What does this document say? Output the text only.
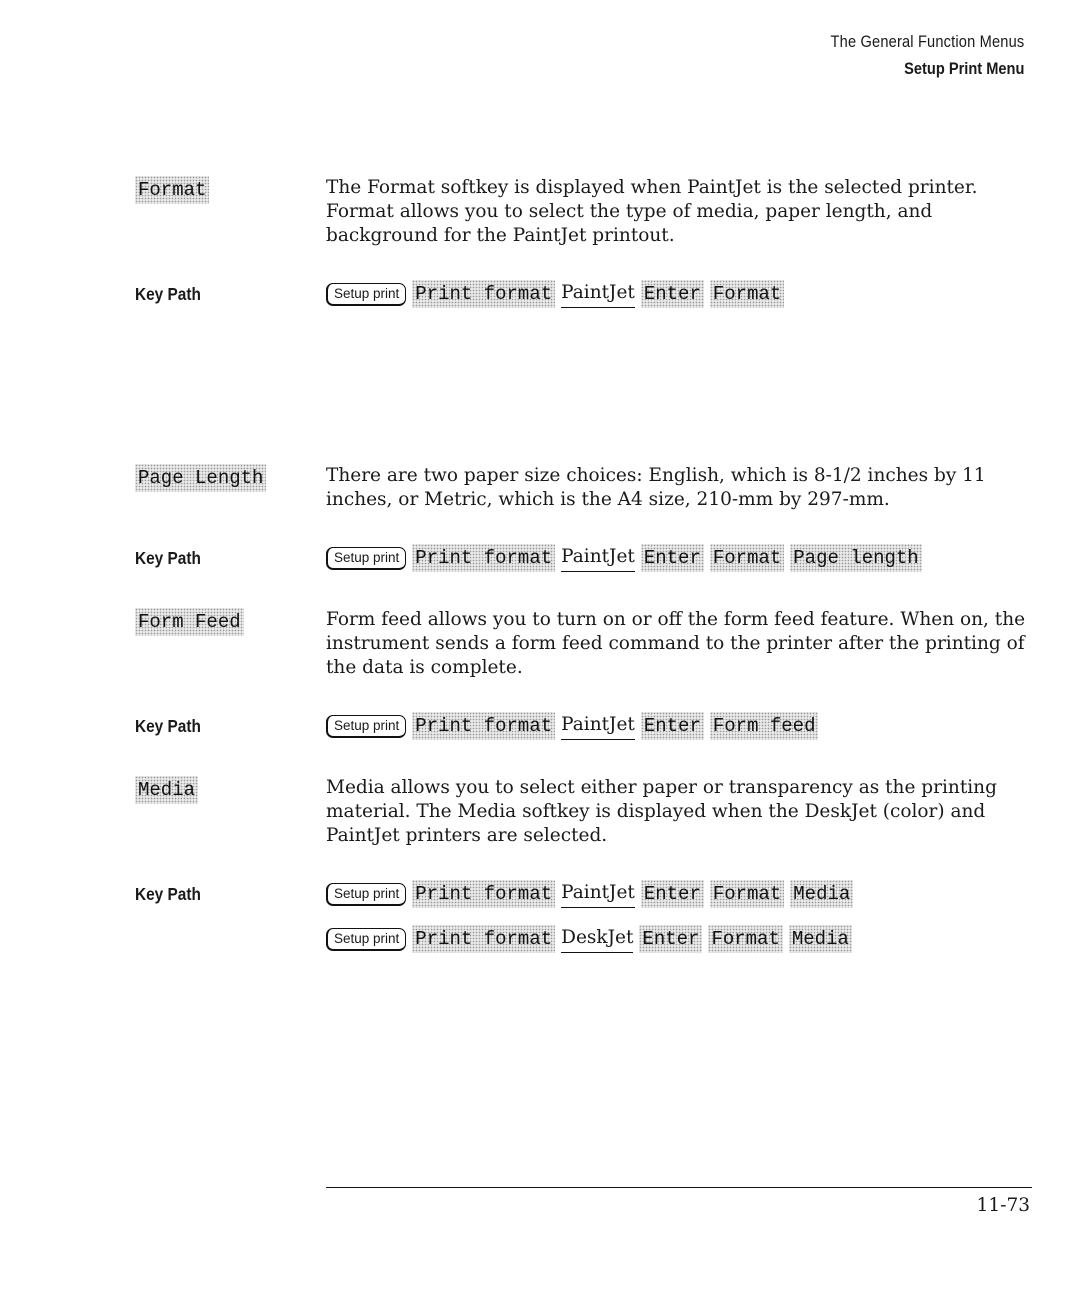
The General Function Menus
Setup Print Menu
Format	The Format softkey is displayed when PaintJet is the selected printer. Format allows you to select the type of media, paper length, and background for the PaintJet printout.
Key Path	Setup print Print format PaintJet Enter Format
Page Length	There are two paper size choices: English, which is 8-1/2 inches by 11 inches, or Metric, which is the A4 size, 210-mm by 297-mm.
Key Path	Setup print Print format PaintJet Enter Format Page length
Form Feed	Form feed allows you to turn on or off the form feed feature. When on, the instrument sends a form feed command to the printer after the printing of the data is complete.
Key Path	Setup print Print format PaintJet Enter Form feed
Media	Media allows you to select either paper or transparency as the printing material. The Media softkey is displayed when the DeskJet (color) and PaintJet printers are selected.
Key Path	Setup print Print format PaintJet Enter Format Media
Setup print Print format DeskJet Enter Format Media
11-73
